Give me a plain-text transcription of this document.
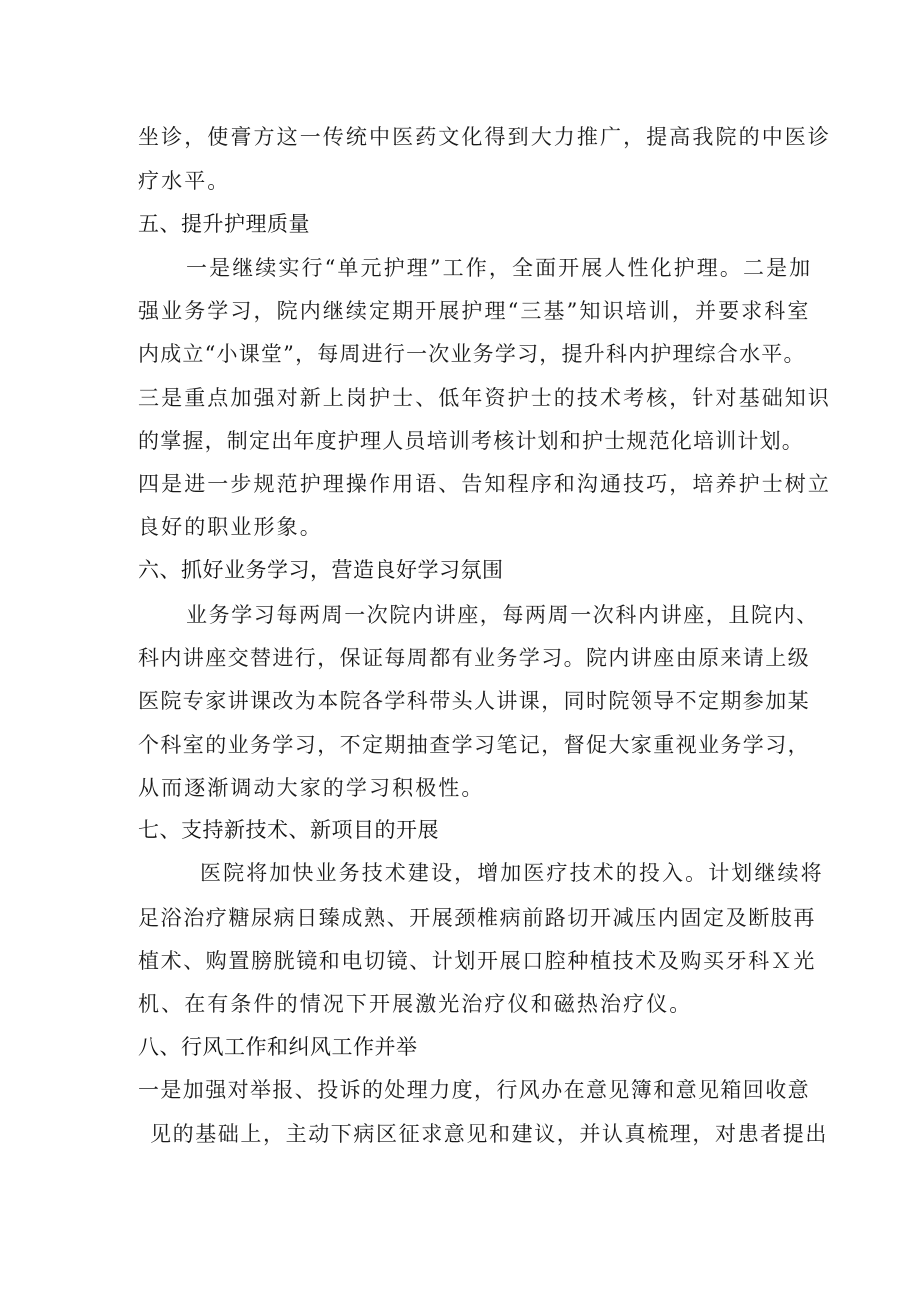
坐诊，使膏方这一传统中医药文化得到大力推广，提高我院的中医诊
疗水平。
五、提升护理质量
一是继续实行“单元护理”工作，全面开展人性化护理。二是加
强业务学习，院内继续定期开展护理“三基”知识培训，并要求科室
内成立“小课堂”，每周进行一次业务学习，提升科内护理综合水平。
三是重点加强对新上岗护士、低年资护士的技术考核，针对基础知识
的掌握，制定出年度护理人员培训考核计划和护士规范化培训计划。
四是进一步规范护理操作用语、告知程序和沟通技巧，培养护士树立
良好的职业形象。
六、抓好业务学习，营造良好学习氛围
业务学习每两周一次院内讲座，每两周一次科内讲座，且院内、
科内讲座交替进行，保证每周都有业务学习。院内讲座由原来请上级
医院专家讲课改为本院各学科带头人讲课，同时院领导不定期参加某
个科室的业务学习，不定期抽查学习笔记，督促大家重视业务学习，
从而逐渐调动大家的学习积极性。
七、支持新技术、新项目的开展
医院将加快业务技术建设，增加医疗技术的投入。计划继续将
足浴治疗糖尿病日臻成熟、开展颈椎病前路切开减压内固定及断肢再
植术、购置膀胱镜和电切镜、计划开展口腔种植技术及购买牙科Ｘ光
机、在有条件的情况下开展激光治疗仪和磁热治疗仪。
八、行风工作和纠风工作并举
一是加强对举报、投诉的处理力度，行风办在意见簿和意见箱回收意
见的基础上，主动下病区征求意见和建议，并认真梳理，对患者提出
